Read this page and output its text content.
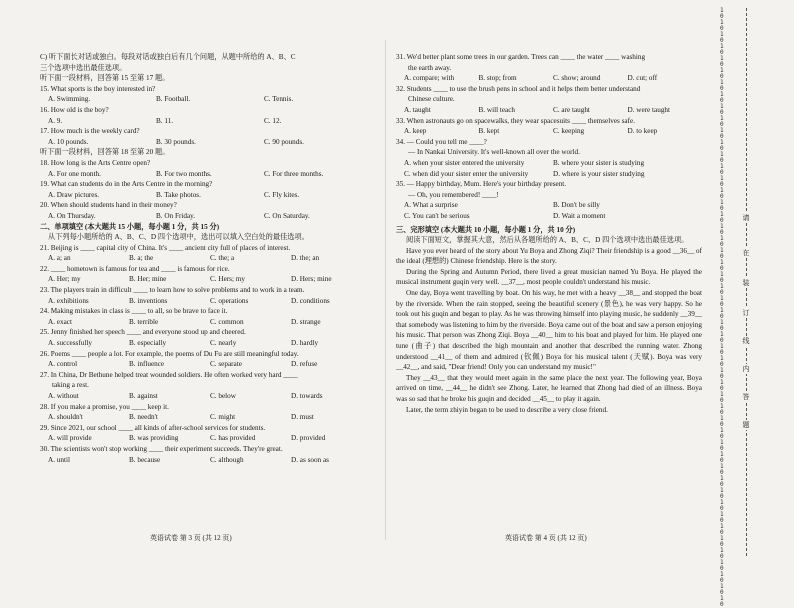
C) 听下面长对话或独白。每段对话或独白后有几个问题，从题中所给的 A、B、C
三个选项中选出最佳选项。
听下面一段材料，回答第 15 至第 17 题。
15. What sports is the boy interested in?
A. Swimming.	B. Football.	C. Tennis.
16. How old is the boy?
A. 9.	B. 11.	C. 12.
17. How much is the weekly card?
A. 10 pounds.	B. 30 pounds.	C. 90 pounds.
听下面一段材料，回答第 18 至第 20 题。
18. How long is the Arts Centre open?
A. For one month.	B. For two months.	C. For three months.
19. What can students do in the Arts Centre in the morning?
A. Draw pictures.	B. Take photos.	C. Fly kites.
20. When should students hand in their money?
A. On Thursday.	B. On Friday.	C. On Saturday.
二、单项填空 (本大题共 15 小题，每小题 1 分，共 15 分)
从下列每小题所给的 A、B、C、D 四个选项中，选出可以填入空白处的最佳选项。
21. Beijing is ____ capital city of China. It's ____ ancient city full of places of interest.
A. a; an	B. a; the	C. the; a	D. the; an
22. ____ hometown is famous for tea and ____ is famous for rice.
A. Her; my	B. Her; mine	C. Hers; my	D. Hers; mine
23. The players train in difficult ____ to learn how to solve problems and to work in a team.
A. exhibitions	B. inventions	C. operations	D. conditions
24. Making mistakes in class is ____ to all, so be brave to face it.
A. exact	B. terrible	C. common	D. strange
25. Jenny finished her speech ____ and everyone stood up and cheered.
A. successfully	B. especially	C. nearly	D. hardly
26. Poems ____ people a lot. For example, the poems of Du Fu are still meaningful today.
A. control	B. influence	C. separate	D. refuse
27. In China, Dr Bethune helped treat wounded soldiers. He often worked very hard ____
taking a rest.
A. without	B. against	C. below	D. towards
28. If you make a promise, you ____ keep it.
A. shouldn't	B. needn't	C. might	D. must
29. Since 2021, our school ____ all kinds of after-school services for students.
A. will provide	B. was providing	C. has provided	D. provided
30. The scientists won't stop working ____ their experiment succeeds. They're great.
A. until	B. because	C. although	D. as soon as
英语试卷 第 3 页 (共 12 页)
31. We'd better plant some trees in our garden. Trees can ____ the water ____ washing
the earth away.
A. compare; with	B. stop; from	C. show; around	D. cut; off
32. Students ____ to use the brush pens in school and it helps them better understand
Chinese culture.
A. taught	B. will teach	C. are taught	D. were taught
33. When astronauts go on spacewalks, they wear spacesuits ____ themselves safe.
A. keep	B. kept	C. keeping	D. to keep
34. — Could you tell me ____?
— In Nankai University. It's well-known all over the world.
A. when your sister entered the university	B. where your sister is studying
C. when did your sister enter the university	D. where is your sister studying
35. — Happy birthday, Mum. Here's your birthday present.
— Oh, you remembered! ____!
A. What a surprise	B. Don't be silly
C. You can't be serious	D. Wait a moment
三、完形填空 (本大题共 10 小题，每小题 1 分，共 10 分)
阅读下面短文，掌握其大意，然后从各题所给的 A、B、C、D 四个选项中选出最佳选项。
Have you ever heard of the story about Yu Boya and Zhong Ziqi? Their friendship is a good __36__ of the ideal (理想的) Chinese friendship. Here is the story.
During the Spring and Autumn Period, there lived a great musician named Yu Boya. He played the musical instrument guqin very well. __37__, most people couldn't understand his music.
One day, Boya went travelling by boat. On his way, he met with a heavy __38__ and stopped the boat by the riverside. When the rain stopped, seeing the beautiful scenery (景色), he was very happy. So he took out his guqin and began to play. As he was throwing himself into playing music, he suddenly __39__ that somebody was listening to him by the riverside. Boya came out of the boat and saw a person enjoying his music. That person was Zhong Ziqi. Boya __40__ him to his boat and played for him. He played one tune (曲子) that described the high mountain and another that described the running water. Zhong understood __41__ of them and admired (钦佩) Boya for his musical talent (天赋). Boya was very __42__, and said, "Dear friend! Only you can understand my music!"
They __43__ that they would meet again in the same place the next year. The following year, Boya arrived on time, __44__ he didn't see Zhong. Later, he learned that Zhong had died of an illness. Boya was so sad that he broke his guqin and decided __45__ to play it again.
Later, the term zhiyin began to be used to describe a very close friend.
英语试卷 第 4 页 (共 12 页)
1010101010101010101010101010101010101010101010101010101010101010101010101010101010101010101010101010
请
在
装
订
线
内
答
题
